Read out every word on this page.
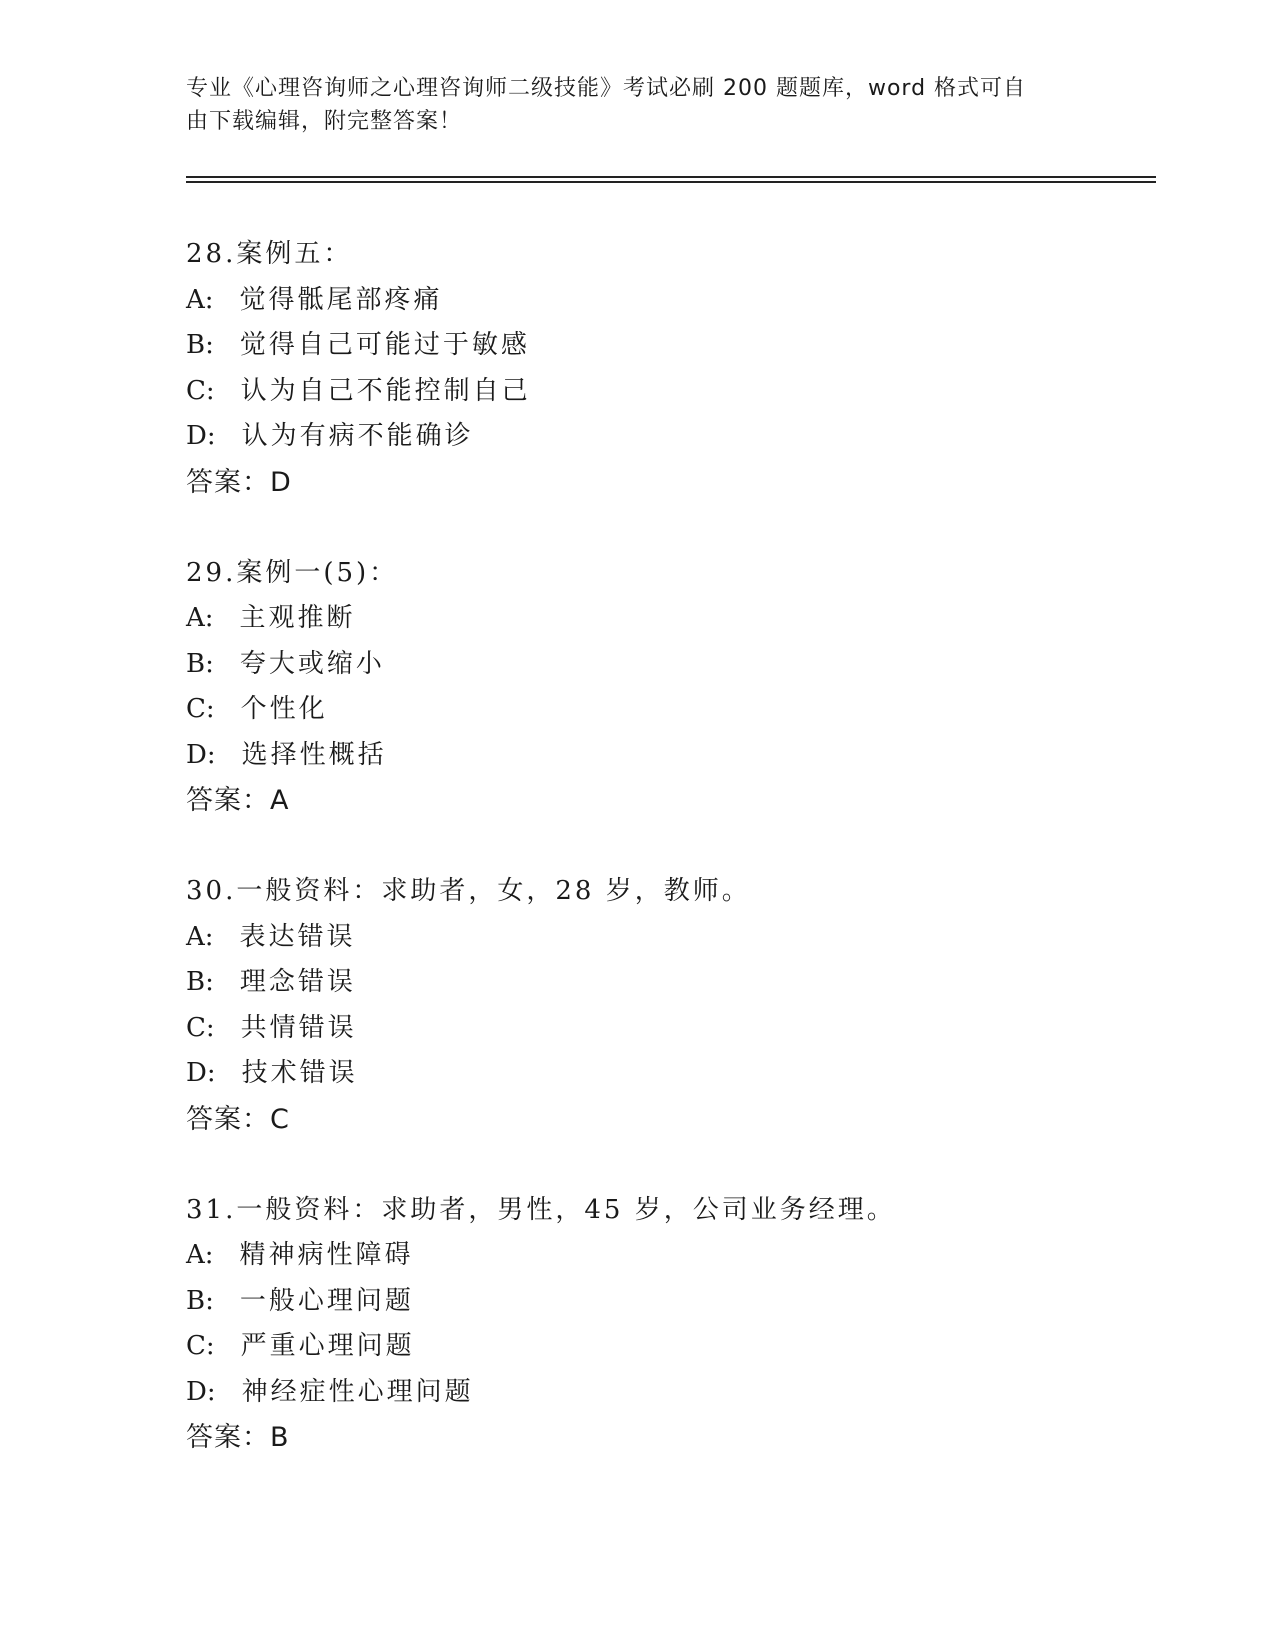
专业《心理咨询师之心理咨询师二级技能》考试必刷 200 题题库，word 格式可自
由下载编辑，附完整答案！
28.案例五：
A: 觉得骶尾部疼痛
B: 觉得自己可能过于敏感
C: 认为自己不能控制自己
D: 认为有病不能确诊
答案：D
29.案例一(5)：
A: 主观推断
B: 夸大或缩小
C: 个性化
D: 选择性概括
答案：A
30.一般资料：求助者，女，28 岁，教师。
A: 表达错误
B: 理念错误
C: 共情错误
D: 技术错误
答案：C
31.一般资料：求助者，男性，45 岁，公司业务经理。
A: 精神病性障碍
B: 一般心理问题
C: 严重心理问题
D: 神经症性心理问题
答案：B
